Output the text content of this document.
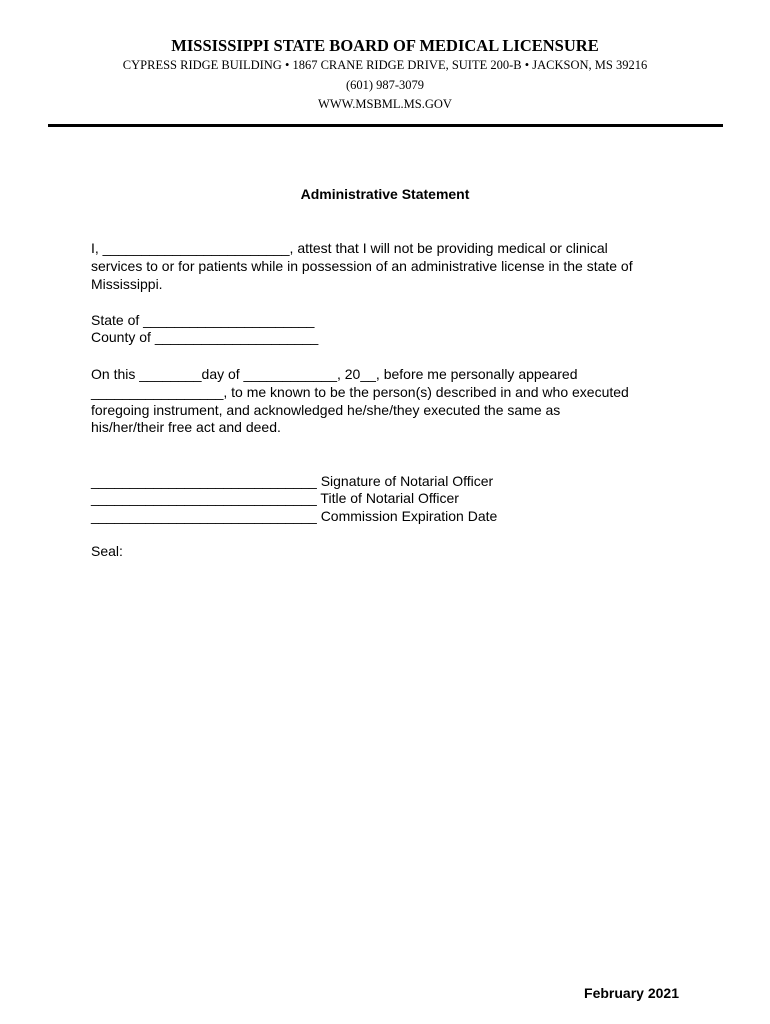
MISSISSIPPI STATE BOARD OF MEDICAL LICENSURE
CYPRESS RIDGE BUILDING • 1867 CRANE RIDGE DRIVE, SUITE 200-B • JACKSON, MS 39216
(601) 987-3079
WWW.MSBML.MS.GOV
Administrative Statement
I, ________________________, attest that I will not be providing medical or clinical
services to or for patients while in possession of an administrative license in the state of
Mississippi.
State of ______________________
County of _____________________
On this ________day of ____________, 20__, before me personally appeared
_________________, to me known to be the person(s) described in and who executed
foregoing instrument, and acknowledged he/she/they executed the same as
his/her/their free act and deed.
_____________________________ Signature of Notarial Officer
_____________________________ Title of Notarial Officer
_____________________________ Commission Expiration Date
Seal:
February 2021
